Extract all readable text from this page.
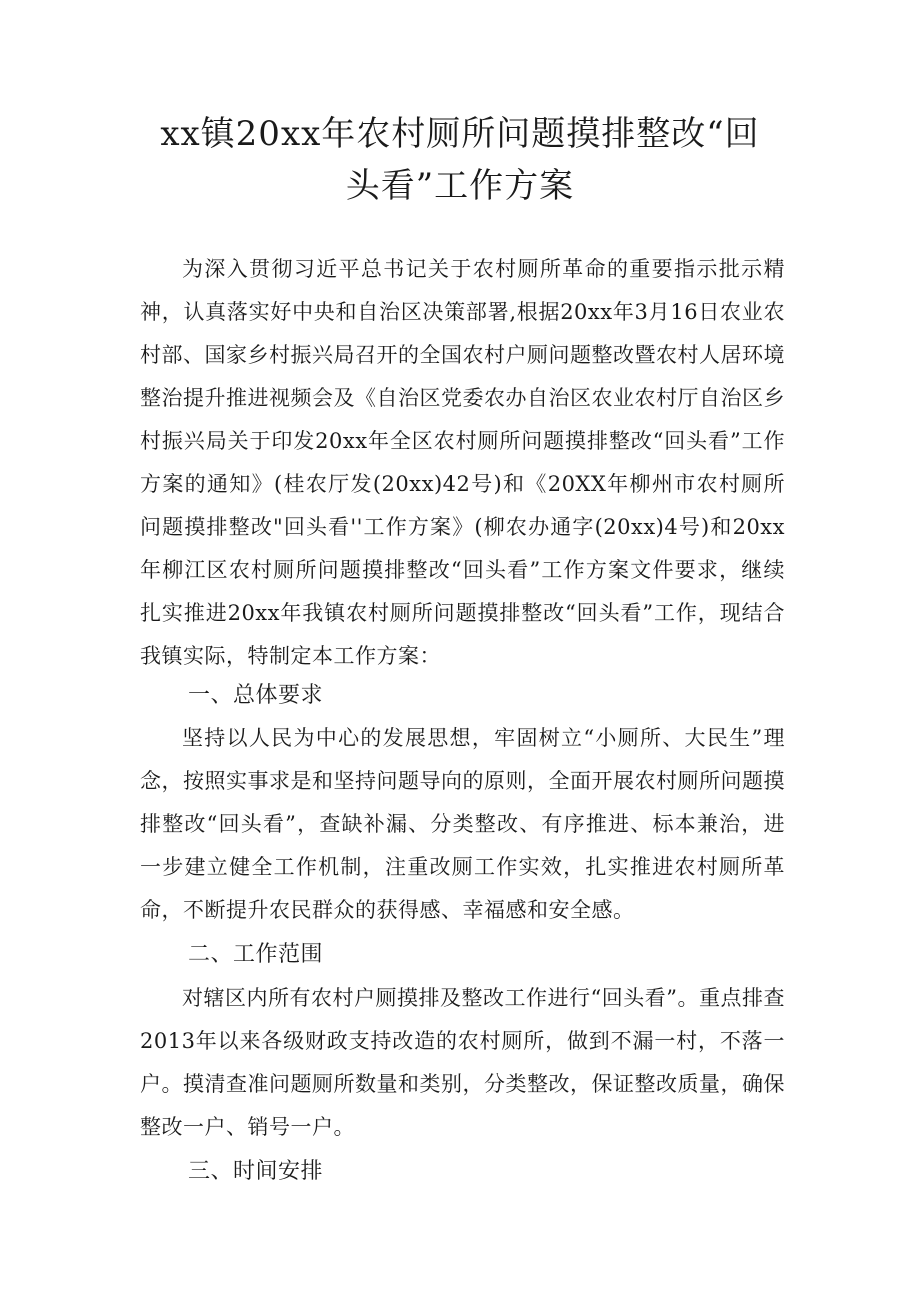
xx镇20xx年农村厕所问题摸排整改“回
头看”工作方案

为深入贯彻习近平总书记关于农村厕所革命的重要指示批示精神，认真落实好中央和自治区决策部署,根据20xx年3月16日农业农村部、国家乡村振兴局召开的全国农村户厕问题整改暨农村人居环境整治提升推进视频会及《自治区党委农办自治区农业农村厅自治区乡村振兴局关于印发20xx年全区农村厕所问题摸排整改“回头看”工作方案的通知》(桂农厅发(20xx)42号)和《20XX年柳州市农村厕所问题摸排整改"回头看''工作方案》(柳农办通字(20xx)4号)和20xx年柳江区农村厕所问题摸排整改“回头看”工作方案文件要求，继续扎实推进20xx年我镇农村厕所问题摸排整改“回头看”工作，现结合我镇实际，特制定本工作方案：

一、总体要求

坚持以人民为中心的发展思想，牢固树立“小厕所、大民生”理念，按照实事求是和坚持问题导向的原则，全面开展农村厕所问题摸排整改“回头看”，查缺补漏、分类整改、有序推进、标本兼治，进一步建立健全工作机制，注重改厕工作实效，扎实推进农村厕所革命，不断提升农民群众的获得感、幸福感和安全感。

二、工作范围

对辖区内所有农村户厕摸排及整改工作进行“回头看”。重点排查2013年以来各级财政支持改造的农村厕所，做到不漏一村，不落一户。摸清查准问题厕所数量和类别，分类整改，保证整改质量，确保整改一户、销号一户。

三、时间安排
